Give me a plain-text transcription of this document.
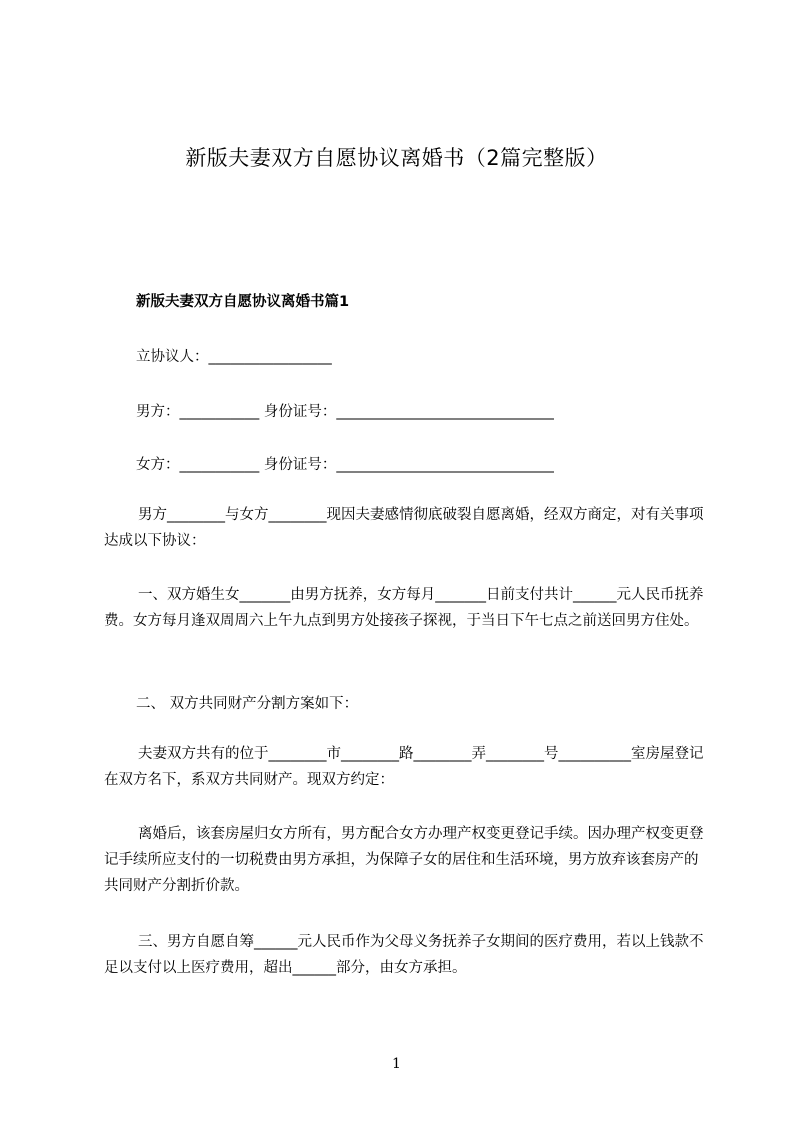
新版夫妻双方自愿协议离婚书（2篇完整版）
新版夫妻双方自愿协议离婚书篇1
立协议人：_________________
男方：___________ 身份证号：______________________________
女方：___________ 身份证号：______________________________
男方________与女方________现因夫妻感情彻底破裂自愿离婚，经双方商定，对有关事项达成以下协议：
一、双方婚生女_______由男方抚养，女方每月_______日前支付共计______元人民币抚养费。女方每月逢双周周六上午九点到男方处接孩子探视，于当日下午七点之前送回男方住处。
二、 双方共同财产分割方案如下：
夫妻双方共有的位于________市________路________弄________号__________室房屋登记在双方名下，系双方共同财产。现双方约定：
离婚后，该套房屋归女方所有，男方配合女方办理产权变更登记手续。因办理产权变更登记手续所应支付的一切税费由男方承担，为保障子女的居住和生活环境，男方放弃该套房产的共同财产分割折价款。
三、男方自愿自筹______元人民币作为父母义务抚养子女期间的医疗费用，若以上钱款不足以支付以上医疗费用，超出______部分，由女方承担。
1
